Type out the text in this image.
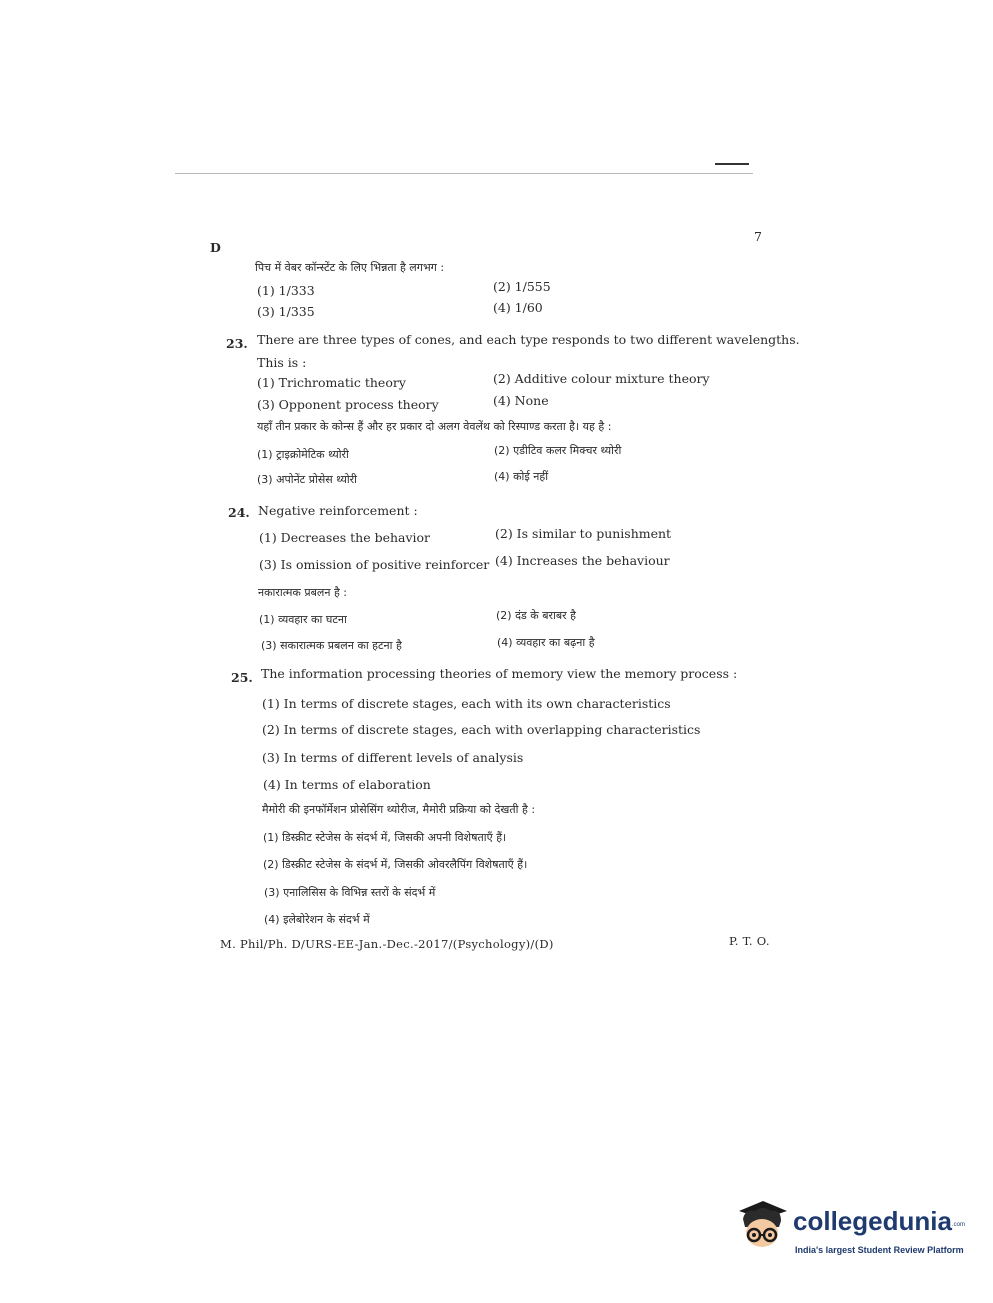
D
7
पिच में वेबर कॉन्स्टेंट के लिए भिन्नता है लगभग :
(1) 1/333	(2) 1/555
(3) 1/335	(4) 1/60
23. There are three types of cones, and each type responds to two different wavelengths.
This is :
(1) Trichromatic theory	(2) Additive colour mixture theory
(3) Opponent process theory	(4) None
यहाँ तीन प्रकार के कोन्स हैं और हर प्रकार दो अलग वेवलेंथ को रिस्पाण्ड करता है। यह है :
(1) ट्राइक्रोमेटिक थ्योरी	(2) एडीटिव कलर मिक्चर थ्योरी
(3) अपोनेंट प्रोसेस थ्योरी	(4) कोई नहीं
24. Negative reinforcement :
(1) Decreases the behavior	(2) Is similar to punishment
(3) Is omission of positive reinforcer (4) Increases the behaviour
नकारात्मक प्रबलन है :
(1) व्यवहार का घटना	(2) दंड के बराबर है
(3) सकारात्मक प्रबलन का हटना है	(4) व्यवहार का बढ़ना है
25. The information processing theories of memory view the memory process :
(1) In terms of discrete stages, each with its own characteristics
(2) In terms of discrete stages, each with overlapping characteristics
(3) In terms of different levels of analysis
(4) In terms of elaboration
मैमोरी की इनफॉर्मेशन प्रोसेसिंग थ्योरीज, मैमोरी प्रक्रिया को देखती है :
(1) डिस्क्रीट स्टेजेस के संदर्भ में, जिसकी अपनी विशेषताएँ हैं।
(2) डिस्क्रीट स्टेजेस के संदर्भ में, जिसकी ओवरलैपिंग विशेषताएँ हैं।
(3) एनालिसिस के विभिन्न स्तरों के संदर्भ में
(4) इलेबोरेशन के संदर्भ में
M. Phil/Ph. D/URS-EE-Jan.-Dec.-2017/(Psychology)/(D)	P. T. O.
collegedunia .com
India's largest Student Review Platform
